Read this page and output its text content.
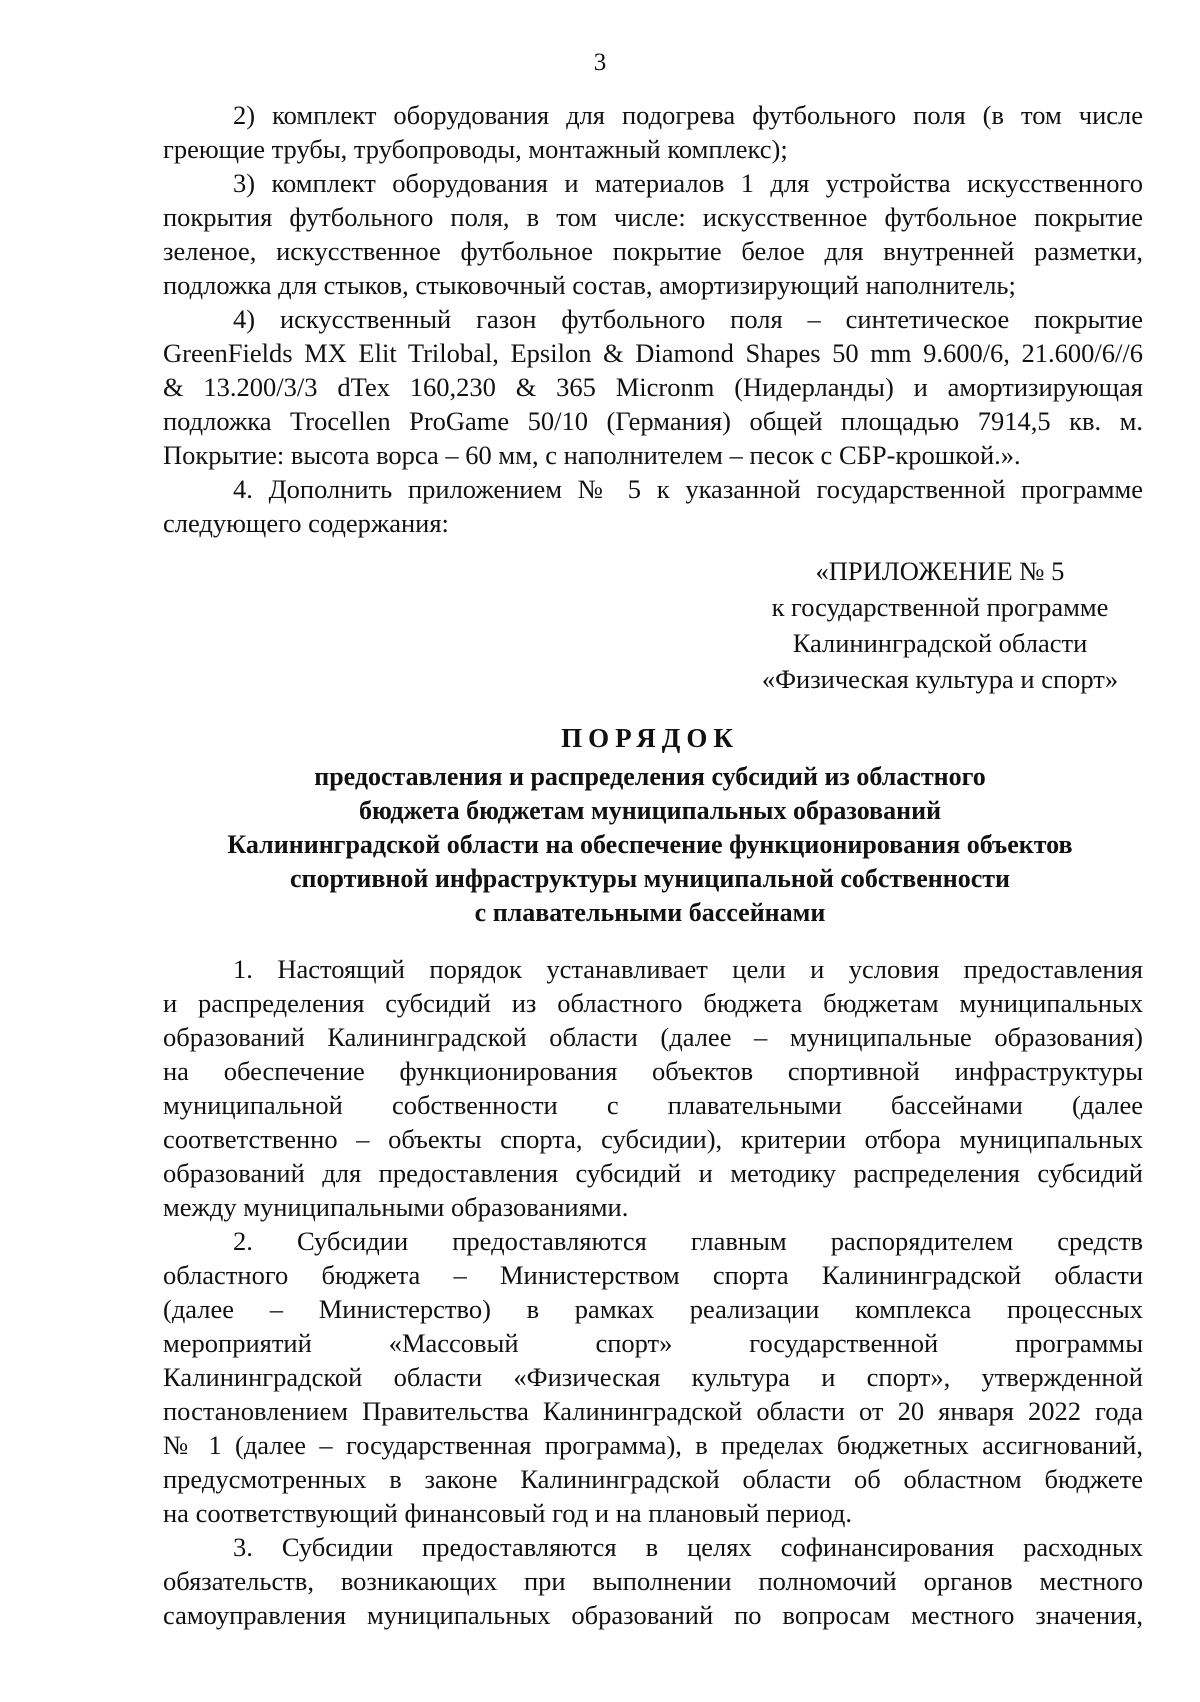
3
2) комплект оборудования для подогрева футбольного поля (в том числе
греющие трубы, трубопроводы, монтажный комплекс);
3) комплект оборудования и материалов 1 для устройства искусственного
покрытия футбольного поля, в том числе: искусственное футбольное покрытие
зеленое, искусственное футбольное покрытие белое для внутренней разметки,
подложка для стыков, стыковочный состав, амортизирующий наполнитель;
4) искусственный газон футбольного поля – синтетическое покрытие
GreenFields MX Elit Trilobal, Epsilon & Diamond Shapes 50 mm 9.600/6, 21.600/6//6
& 13.200/3/3 dTex 160,230 & 365 Micronm (Нидерланды) и амортизирующая
подложка Trocellen ProGame 50/10 (Германия) общей площадью 7914,5 кв. м.
Покрытие: высота ворса – 60 мм, с наполнителем – песок с СБР-крошкой.».
4. Дополнить приложением № 5 к указанной государственной программе
следующего содержания:
«ПРИЛОЖЕНИЕ № 5
к государственной программе
Калининградской области
«Физическая культура и спорт»
ПОРЯДОК
предоставления и распределения субсидий из областного
бюджета бюджетам муниципальных образований
Калининградской области на обеспечение функционирования объектов
спортивной инфраструктуры муниципальной собственности
с плавательными бассейнами
1. Настоящий порядок устанавливает цели и условия предоставления
и распределения субсидий из областного бюджета бюджетам муниципальных
образований Калининградской области (далее – муниципальные образования)
на обеспечение функционирования объектов спортивной инфраструктуры
муниципальной собственности с плавательными бассейнами (далее
соответственно – объекты спорта, субсидии), критерии отбора муниципальных
образований для предоставления субсидий и методику распределения субсидий
между муниципальными образованиями.
2. Субсидии предоставляются главным распорядителем средств
областного бюджета – Министерством спорта Калининградской области
(далее – Министерство) в рамках реализации комплекса процессных
мероприятий «Массовый спорт» государственной программы
Калининградской области «Физическая культура и спорт», утвержденной
постановлением Правительства Калининградской области от 20 января 2022 года
№ 1 (далее – государственная программа), в пределах бюджетных ассигнований,
предусмотренных в законе Калининградской области об областном бюджете
на соответствующий финансовый год и на плановый период.
3. Субсидии предоставляются в целях софинансирования расходных
обязательств, возникающих при выполнении полномочий органов местного
самоуправления муниципальных образований по вопросам местного значения,
